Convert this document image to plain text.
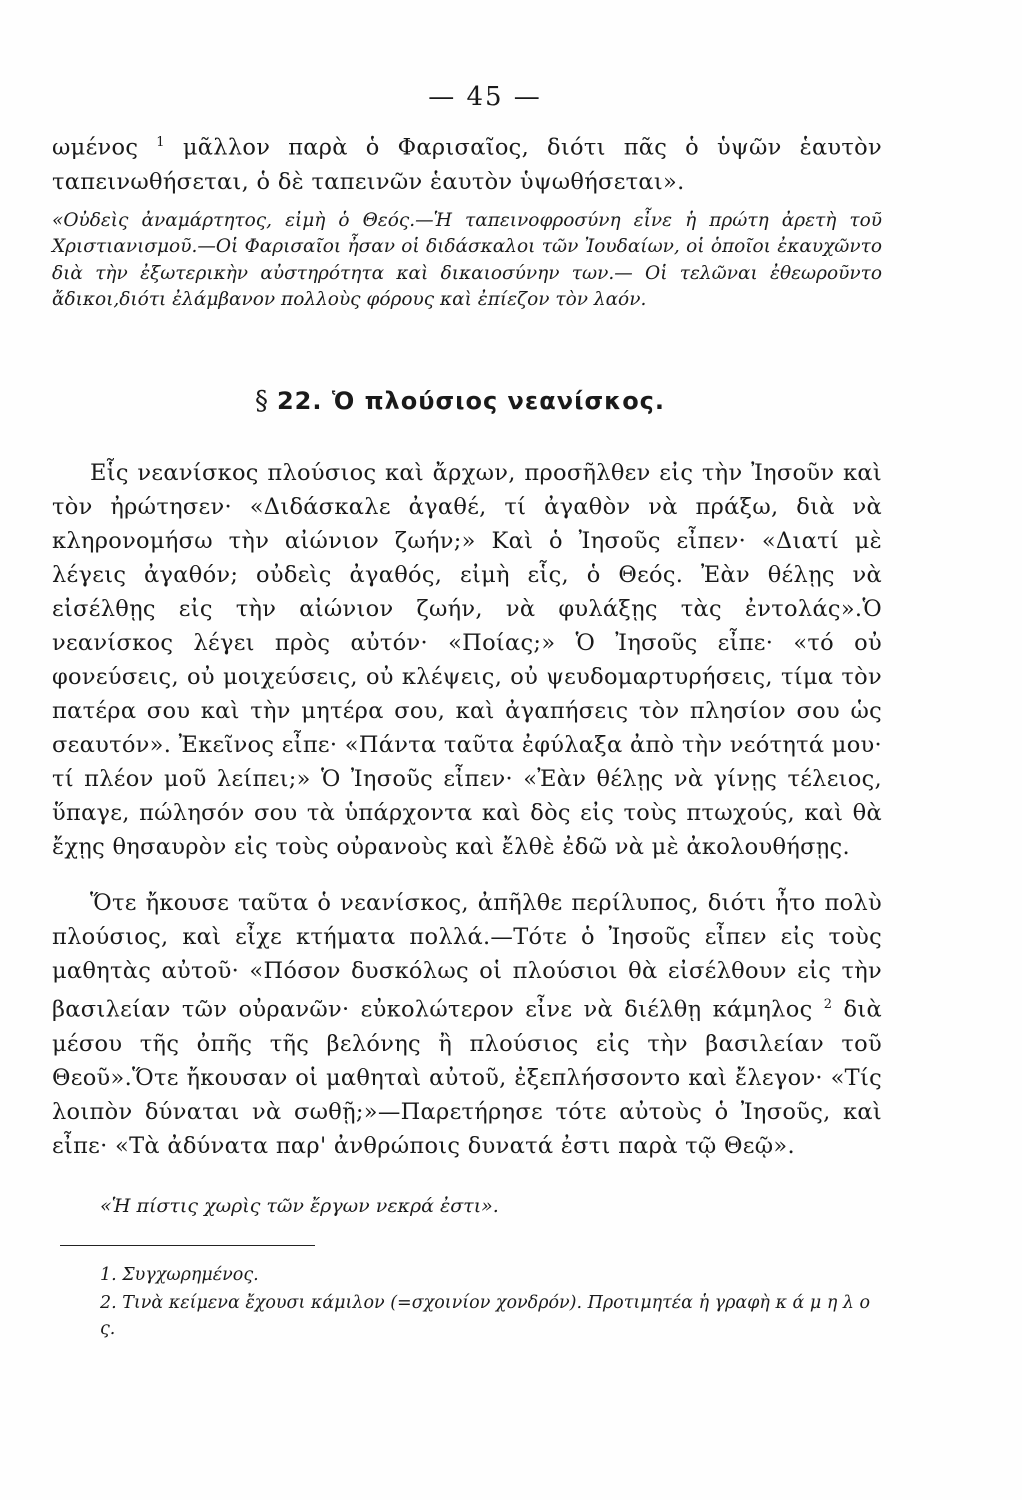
— 45 —

ωμένος $^1$ μᾶλλον παρὰ ὁ Φαρισαῖος, διότι πᾶς ὁ ὑψῶν ἑαυτὸν ταπεινωθήσεται, ὁ δὲ ταπεινῶν ἑαυτὸν ὑψωθήσεται».

«Οὐδεὶς ἀναμάρτητος, εἰμὴ ὁ Θεός.—Ἡ ταπεινοφροσύνη εἶνε ἡ πρώτη ἀρετὴ τοῦ Χριστιανισμοῦ.—Οἱ Φαρισαῖοι ἦσαν οἱ διδάσκαλοι τῶν Ἰουδαίων, οἱ ὁποῖοι ἐκαυχῶντο διὰ τὴν ἐξωτερικὴν αὐστηρότητα καὶ δικαιοσύνην των.— Οἱ τελῶναι ἐθεωροῦντο ἄδικοι,διότι ἐλάμβανον πολλοὺς φόρους καὶ ἐπίεζον τὸν λαόν.

§ 22. Ὁ πλούσιος νεανίσκος.

Εἷς νεανίσκος πλούσιος καὶ ἄρχων, προσῆλθεν εἰς τὴν Ἰησοῦν καὶ τὸν ἠρώτησεν· «Διδάσκαλε ἀγαθέ, τί ἀγαθὸν νὰ πράξω, διὰ νὰ κληρονομήσω τὴν αἰώνιον ζωήν;» Καὶ ὁ Ἰησοῦς εἶπεν· «Διατί μὲ λέγεις ἀγαθόν; οὐδεὶς ἀγαθός, εἰμὴ εἷς, ὁ Θεός. Ἐὰν θέλῃς νὰ εἰσέλθῃς εἰς τὴν αἰώνιον ζωήν, νὰ φυλάξῃς τὰς ἐντολάς».Ὁ νεανίσκος λέγει πρὸς αὐτόν· «Ποίας;» Ὁ Ἰησοῦς εἶπε· «τό οὐ φονεύσεις, οὐ μοιχεύσεις, οὐ κλέψεις, οὐ ψευδομαρτυρήσεις, τίμα τὸν πατέρα σου καὶ τὴν μητέρα σου, καὶ ἀγαπήσεις τὸν πλησίον σου ὡς σεαυτόν». Ἐκεῖνος εἶπε· «Πάντα ταῦτα ἐφύλαξα ἀπὸ τὴν νεότητά μου· τί πλέον μοῦ λείπει;» Ὁ Ἰησοῦς εἶπεν· «Ἐὰν θέλῃς νὰ γίνῃς τέλειος, ὕπαγε, πώλησόν σου τὰ ὑπάρχοντα καὶ δὸς εἰς τοὺς πτωχούς, καὶ θὰ ἔχῃς θησαυρὸν εἰς τοὺς οὐρανοὺς καὶ ἔλθὲ ἐδῶ νὰ μὲ ἀκολουθήσῃς.

Ὅτε ἤκουσε ταῦτα ὁ νεανίσκος, ἀπῆλθε περίλυπος, διότι ἦτο πολὺ πλούσιος, καὶ εἶχε κτήματα πολλά.—Τότε ὁ Ἰησοῦς εἶπεν εἰς τοὺς μαθητὰς αὐτοῦ· «Πόσον δυσκόλως οἱ πλούσιοι θὰ εἰσέλθουν εἰς τὴν βασιλείαν τῶν οὐρανῶν· εὐκολώτερον εἶνε νὰ διέλθῃ κάμηλος $^2$ διὰ μέσου τῆς ὀπῆς τῆς βελόνης ἢ πλούσιος εἰς τὴν βασιλείαν τοῦ Θεοῦ».Ὅτε ἤκουσαν οἱ μαθηταὶ αὐτοῦ, ἐξεπλήσσοντο καὶ ἔλεγον· «Τίς λοιπὸν δύναται νὰ σωθῇ;»—Παρετήρησε τότε αὐτοὺς ὁ Ἰησοῦς, καὶ εἶπε· «Τὰ ἀδύνατα παρ' ἀνθρώποις δυνατά ἐστι παρὰ τῷ Θεῷ».

«Ἡ πίστις χωρὶς τῶν ἔργων νεκρά ἐστι».

1. Συγχωρημένος.

2. Τινὰ κείμενα ἔχουσι κάμιλον (=σχοινίον χονδρόν). Προτιμητέα ἡ γραφὴ κ ά μ η λ ο ς.
